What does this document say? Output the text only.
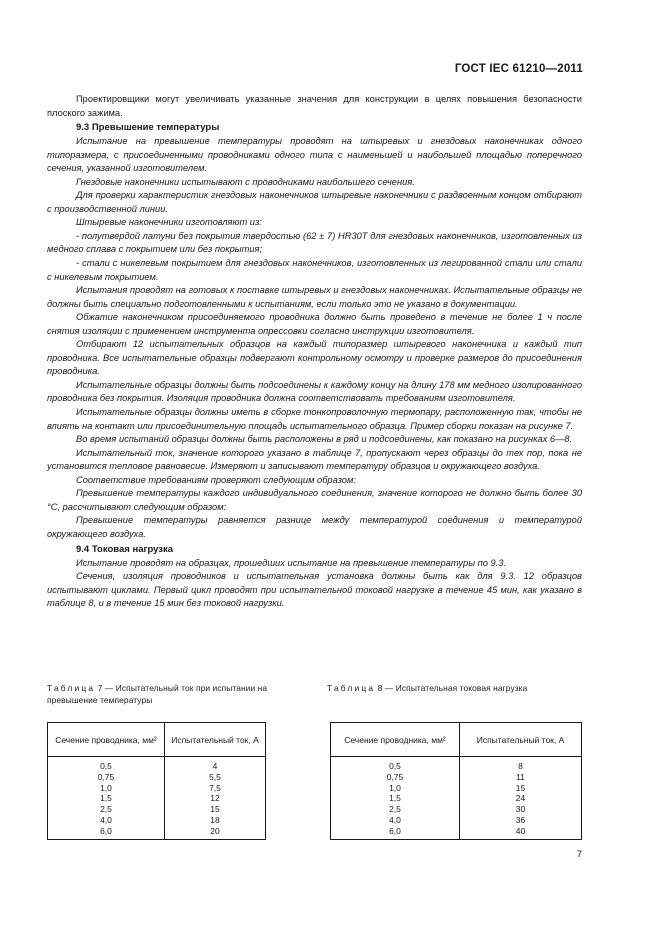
ГОСТ IEC 61210—2011

Проектировщики могут увеличивать указанные значения для конструкции в целях повышения безопасности плоского зажима.

9.3 Превышение температуры

Испытание на превышение температуры проводят на штыревых и гнездовых наконечниках одного типоразмера, с присоединенными проводниками одного типа с наименьшей и наибольшей площадью поперечного сечения, указанной изготовителем.

Гнездовые наконечники испытывают с проводниками наибольшего сечения.

Для проверки характеристик гнездовых наконечников штыревые наконечники с раздвоенным концом отбирают с производственной линии.

Штыревые наконечники изготовляют из:

- полутвердой латуни без покрытия твердостью (62 ± 7) HR30T для гнездовых наконечников, изготовленных из медного сплава с покрытием или без покрытия;

- стали с никелевым покрытием для гнездовых наконечников, изготовленных из легированной стали или стали с никелевым покрытием.

Испытания проводят на готовых к поставке штыревых и гнездовых наконечниках. Испытательные образцы не должны быть специально подготовленными к испытаниям, если только это не указано в документации.

Обжатие наконечником присоединяемого проводника должно быть проведено в течение не более 1 ч после снятия изоляции с применением инструмента опрессовки согласно инструкции изготовителя.

Отбирают 12 испытательных образцов на каждый типоразмер штыревого наконечника и каждый тип проводника. Все испытательные образцы подвергают контрольному осмотру и проверке размеров до присоединения проводника.

Испытательные образцы должны быть подсоединены к каждому концу на длину 178 мм медного изолированного проводника без покрытия. Изоляция проводника должна соответствовать требованиям изготовителя.

Испытательные образцы должны иметь в сборке тонкопроволочную термопару, расположенную так, чтобы не влиять на контакт или присоединительную площадь испытательного образца. Пример сборки показан на рисунке 7.

Во время испытаний образцы должны быть расположены в ряд и подсоединены, как показано на рисунках 6—8.

Испытательный ток, значение которого указано в таблице 7, пропускают через образцы до тех пор, пока не установится тепловое равновесие. Измеряют и записывают температуру образцов и окружающего воздуха.

Соответствие требованиям проверяют следующим образом:

Превышение температуры каждого индивидуального соединения, значение которого не должно быть более 30 °С, рассчитывают следующим образом:

Превышение температуры равняется разнице между температурой соединения и температурой окружающего воздуха.

9.4 Токовая нагрузка

Испытание проводят на образцах, прошедших испытание на превышение температуры по 9.3.

Сечения, изоляция проводников и испытательная установка должны быть как для 9.3. 12 образцов испытывают циклами. Первый цикл проводят при испытательной токовой нагрузке в течение 45 мин, как указано в таблице 8, и в течение 15 мин без токовой нагрузки.

Таблица 7 — Испытательный ток при испытании на превышение температуры
Сечение проводника, мм²	Испытательный ток, А
0,5	4
0,75	5,5
1,0	7,5
1,5	12
2,5	15
4,0	18
6,0	20
Таблица 8 — Испытательная токовая нагрузка
Сечение проводника, мм²	Испытательный ток, А
0,5	8
0,75	11
1,0	15
1,5	24
2,5	30
4,0	36
6,0	40
7
